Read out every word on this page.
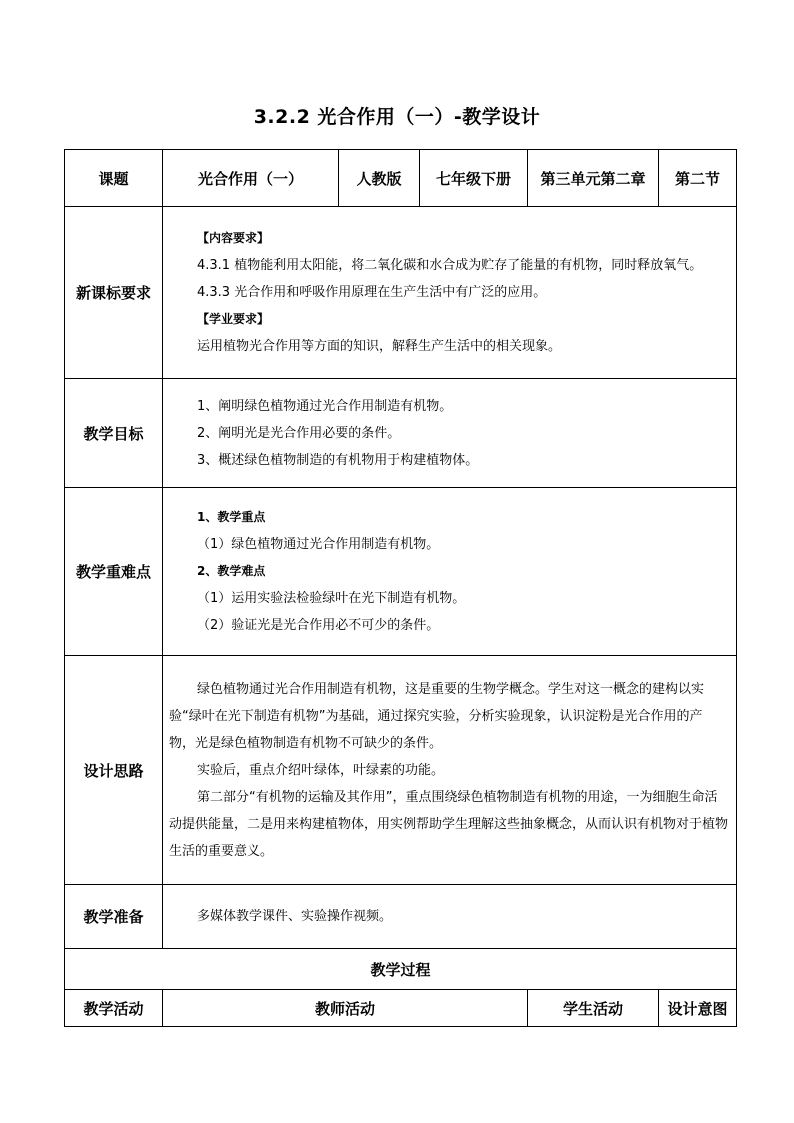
3.2.2 光合作用（一）-教学设计
课题	光合作用（一）	人教版	七年级下册	第三单元第二章	第二节
新课标要求	【内容要求】
4.3.1 植物能利用太阳能，将二氧化碳和水合成为贮存了能量的有机物，同时释放氧气。
4.3.3 光合作用和呼吸作用原理在生产生活中有广泛的应用。
【学业要求】
运用植物光合作用等方面的知识，解释生产生活中的相关现象。				

教学目标	1、阐明绿色植物通过光合作用制造有机物。
2、阐明光是光合作用必要的条件。
3、概述绿色植物制造的有机物用于构建植物体。				

教学重难点	1、教学重点
（1）绿色植物通过光合作用制造有机物。
2、教学难点
（1）运用实验法检验绿叶在光下制造有机物。
（2）验证光是光合作用必不可少的条件。				

设计思路	绿色植物通过光合作用制造有机物，这是重要的生物学概念。学生对这一概念的建构以实验“绿叶在光下制造有机物”为基础，通过探究实验，分析实验现象，认识淀粉是光合作用的产物，光是绿色植物制造有机物不可缺少的条件。

实验后，重点介绍叶绿体，叶绿素的功能。

第二部分“有机物的运输及其作用”，重点围绕绿色植物制造有机物的用途，一为细胞生命活动提供能量，二是用来构建植物体，用实例帮助学生理解这些抽象概念，从而认识有机物对于植物生活的重要意义。				

教学准备	多媒体教学课件、实验操作视频。				

教学过程					
教学活动	教师活动			学生活动	设计意图
